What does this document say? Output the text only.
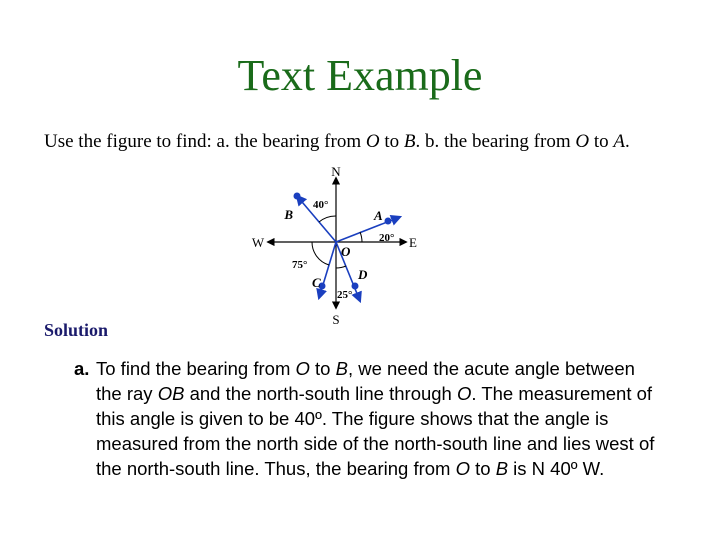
Text Example
Use the figure to find: a. the bearing from O to B. b. the bearing from O to A.
N
S
W	E
B	A
O
C
D
40°
20°
75°
25°
Solution
a. To find the bearing from O to B, we need the acute angle between the ray OB and the north-south line through O. The measurement of this angle is given to be 40º. The figure shows that the angle is measured from the north side of the north-south line and lies west of the north-south line. Thus, the bearing from O to B is N 40º W.
